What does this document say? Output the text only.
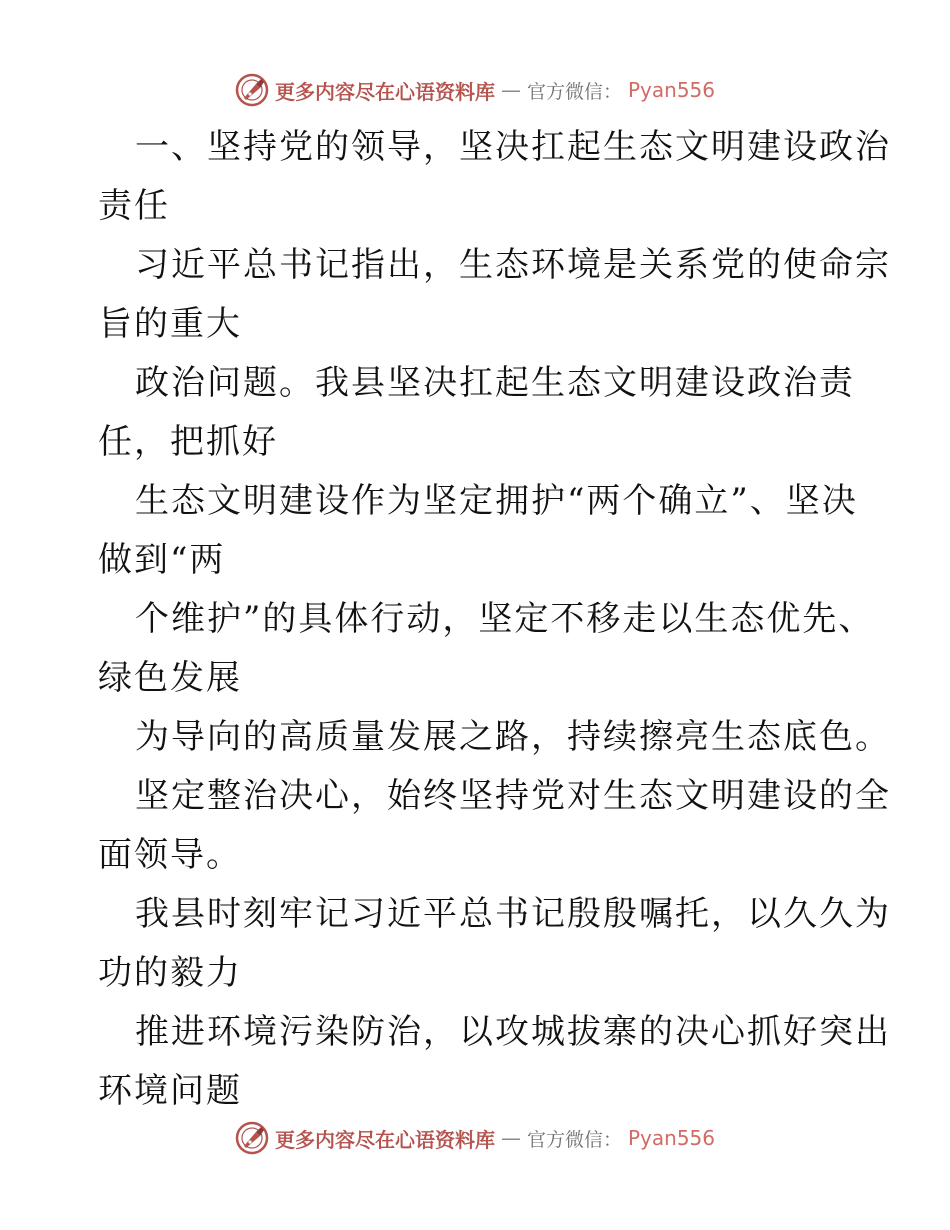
更多内容尽在心语资料库 — 官方微信： Pyan556
一、坚持党的领导，坚决扛起生态文明建设政治
责任
习近平总书记指出，生态环境是关系党的使命宗
旨的重大
政治问题。我县坚决扛起生态文明建设政治责
任，把抓好
生态文明建设作为坚定拥护“两个确立”、坚决
做到“两
个维护”的具体行动，坚定不移走以生态优先、
绿色发展
为导向的高质量发展之路，持续擦亮生态底色。
坚定整治决心，始终坚持党对生态文明建设的全
面领导。
我县时刻牢记习近平总书记殷殷嘱托，以久久为
功的毅力
推进环境污染防治，以攻城拔寨的决心抓好突出
环境问题
更多内容尽在心语资料库 — 官方微信： Pyan556
